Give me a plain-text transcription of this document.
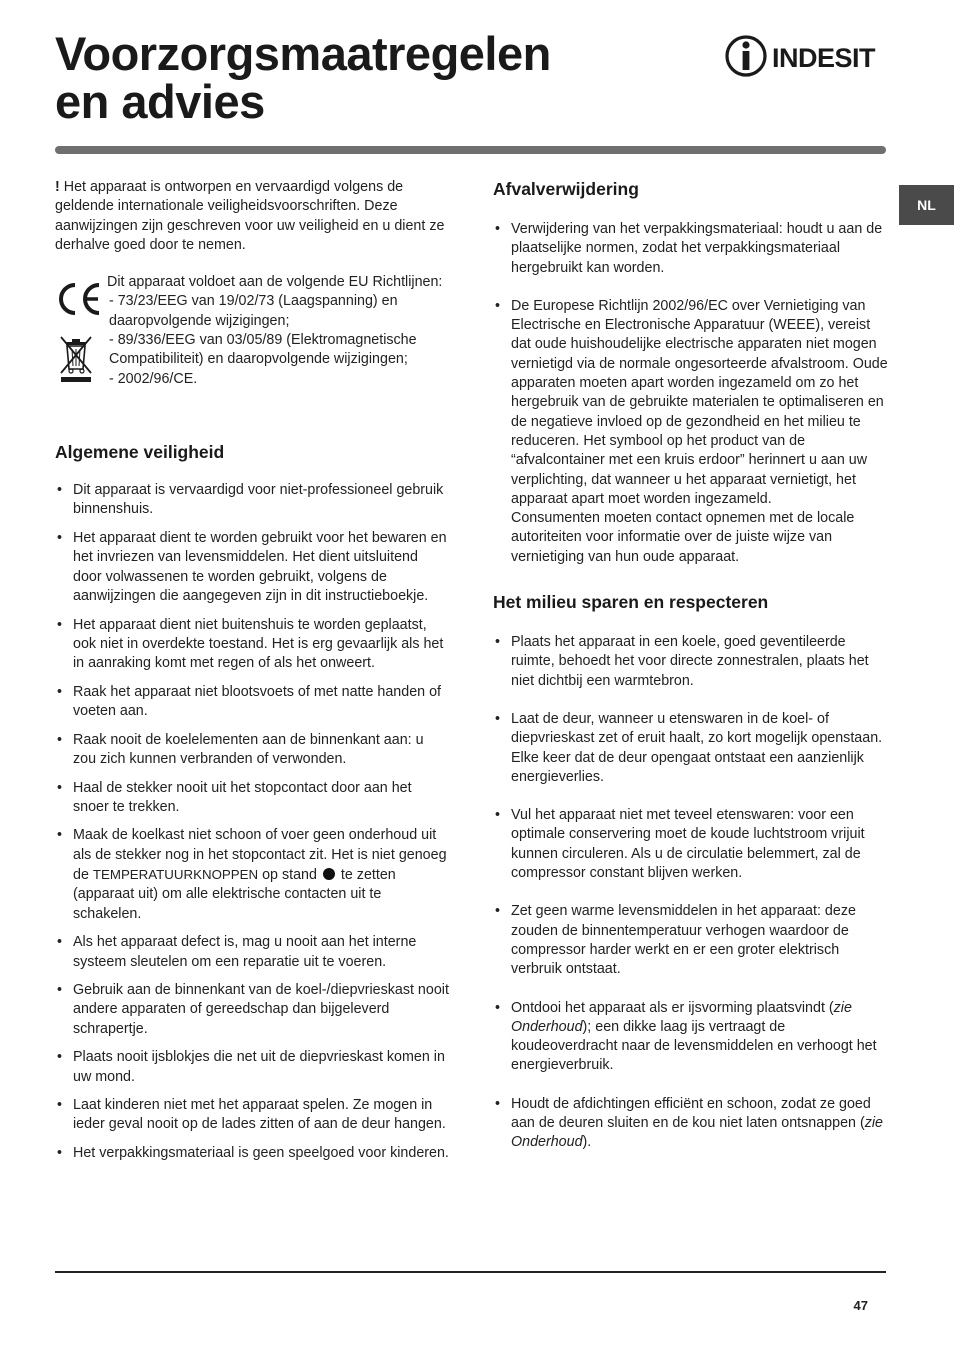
Voorzorgsmaatregelen
en advies
INDESIT
NL

! Het apparaat is ontworpen en vervaardigd volgens de geldende internationale veiligheidsvoorschriften. Deze aanwijzingen zijn geschreven voor uw veiligheid en u dient ze derhalve goed door te nemen.

Dit apparaat voldoet aan de volgende EU Richtlijnen:

- 73/23/EEG van 19/02/73 (Laagspanning) en daaropvolgende wijzigingen;

- 89/336/EEG van 03/05/89 (Elektromagnetische Compatibiliteit) en daaropvolgende wijzigingen;

- 2002/96/CE.

Algemene veiligheid
• Dit apparaat is vervaardigd voor niet-professioneel gebruik binnenshuis.
• Het apparaat dient te worden gebruikt voor het bewaren en het invriezen van levensmiddelen. Het dient uitsluitend door volwassenen te worden gebruikt, volgens de aanwijzingen die aangegeven zijn in dit instructieboekje.
• Het apparaat dient niet buitenshuis te worden geplaatst, ook niet in overdekte toestand. Het is erg gevaarlijk als het in aanraking komt met regen of als het onweert.
• Raak het apparaat niet blootsvoets of met natte handen of voeten aan.
• Raak nooit de koelelementen aan de binnenkant aan: u zou zich kunnen verbranden of verwonden.
• Haal de stekker nooit uit het stopcontact door aan het snoer te trekken.
• Maak de koelkast niet schoon of voer geen onderhoud uit als de stekker nog in het stopcontact zit. Het is niet genoeg de TEMPERATUURKNOPPEN op stand  te zetten (apparaat uit) om alle elektrische contacten uit te schakelen.
• Als het apparaat defect is, mag u nooit aan het interne systeem sleutelen om een reparatie uit te voeren.
• Gebruik aan de binnenkant van de koel-/diepvrieskast nooit andere apparaten of gereedschap dan bijgeleverd schrapertje.
• Plaats nooit ijsblokjes die net uit de diepvrieskast komen in uw mond.
• Laat kinderen niet met het apparaat spelen. Ze mogen in ieder geval nooit op de lades zitten of aan de deur hangen.
• Het verpakkingsmateriaal is geen speelgoed voor kinderen.
Afvalverwijdering
• Verwijdering van het verpakkingsmateriaal: houdt u aan de plaatselijke normen, zodat het verpakkingsmateriaal hergebruikt kan worden.

• De Europese Richtlijn 2002/96/EC over Vernietiging van Electrische en Electronische Apparatuur (WEEE), vereist dat oude huishoudelijke electrische apparaten niet mogen vernietigd via de normale ongesorteerde afvalstroom. Oude apparaten moeten apart worden ingezameld om zo het hergebruik van de gebruikte materialen te optimaliseren en de negatieve invloed op de gezondheid en het milieu te reduceren. Het symbool op het product van de “afvalcontainer met een kruis erdoor” herinnert u aan uw verplichting, dat wanneer u het apparaat vernietigt, het apparaat apart moet worden ingezameld.

Consumenten moeten contact opnemen met de locale autoriteiten voor informatie over de juiste wijze van vernietiging van hun oude apparaat.

Het milieu sparen en respecteren
• Plaats het apparaat in een koele, goed geventileerde ruimte, behoedt het voor directe zonnestralen, plaats het niet dichtbij een warmtebron.

• Laat de deur, wanneer u etenswaren in de koel- of diepvrieskast zet of eruit haalt, zo kort mogelijk openstaan.

Elke keer dat de deur opengaat ontstaat een aanzienlijk energieverlies.

• Vul het apparaat niet met teveel etenswaren: voor een optimale conservering moet de koude luchtstroom vrijuit kunnen circuleren. Als u de circulatie belemmert, zal de compressor constant blijven werken.
• Zet geen warme levensmiddelen in het apparaat: deze zouden de binnentemperatuur verhogen waardoor de compressor harder werkt en er een groter elektrisch verbruik ontstaat.
• Ontdooi het apparaat als er ijsvorming plaatsvindt (zie Onderhoud); een dikke laag ijs vertraagt de koudeoverdracht naar de levensmiddelen en verhoogt het energieverbruik.
• Houdt de afdichtingen efficiënt en schoon, zodat ze goed aan de deuren sluiten en de kou niet laten ontsnappen (zie Onderhoud).
47
